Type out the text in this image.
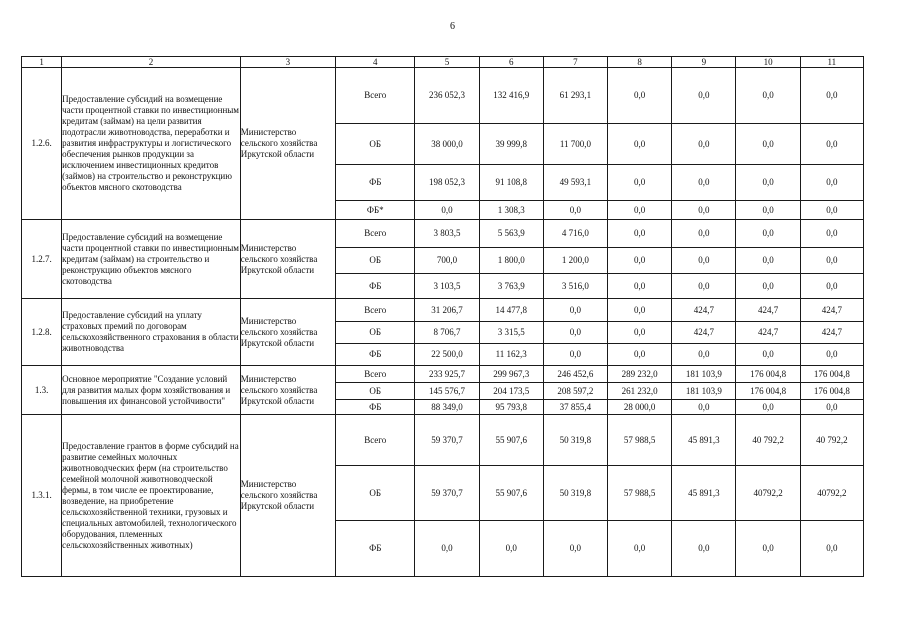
6
1	2	3	4	5	6	7	8	9	10	11
1.2.6.	Предоставление субсидий на возмещение части процентной ставки по инвестиционным кредитам (займам) на цели развития подотрасли животноводства, переработки и развития инфраструктуры и логистического обеспечения рынков продукции за исключением инвестиционных кредитов (займов) на строительство и реконструкцию объектов мясного скотоводства	Министерство сельского хозяйства Иркутской области	Всего	236 052,3	132 416,9	61 293,1	0,0	0,0	0,0	0,0
			ОБ	38 000,0	39 999,8	11 700,0	0,0	0,0	0,0	0,0
			ФБ	198 052,3	91 108,8	49 593,1	0,0	0,0	0,0	0,0
			ФБ*	0,0	1 308,3	0,0	0,0	0,0	0,0	0,0
1.2.7.	Предоставление субсидий на возмещение части процентной ставки по инвестиционным кредитам (займам) на строительство и реконструкцию объектов мясного скотоводства	Министерство сельского хозяйства Иркутской области	Всего	3 803,5	5 563,9	4 716,0	0,0	0,0	0,0	0,0
			ОБ	700,0	1 800,0	1 200,0	0,0	0,0	0,0	0,0
			ФБ	3 103,5	3 763,9	3 516,0	0,0	0,0	0,0	0,0
1.2.8.	Предоставление субсидий на уплату страховых премий по договорам сельскохозяйственного страхования в области животноводства	Министерство сельского хозяйства Иркутской области	Всего	31 206,7	14 477,8	0,0	0,0	424,7	424,7	424,7
			ОБ	8 706,7	3 315,5	0,0	0,0	424,7	424,7	424,7
			ФБ	22 500,0	11 162,3	0,0	0,0	0,0	0,0	0,0
1.3.	Основное мероприятие "Создание условий для развития малых форм хозяйствования и повышения их финансовой устойчивости"	Министерство сельского хозяйства Иркутской области	Всего	233 925,7	299 967,3	246 452,6	289 232,0	181 103,9	176 004,8	176 004,8
			ОБ	145 576,7	204 173,5	208 597,2	261 232,0	181 103,9	176 004,8	176 004,8
			ФБ	88 349,0	95 793,8	37 855,4	28 000,0	0,0	0,0	0,0
1.3.1.	Предоставление грантов в форме субсидий на развитие семейных молочных животноводческих ферм (на строительство семейной молочной животноводческой фермы, в том числе ее проектирование, возведение, на приобретение сельскохозяйственной техники, грузовых и специальных автомобилей, технологического оборудования, племенных сельскохозяйственных животных)	Министерство сельского хозяйства Иркутской области	Всего	59 370,7	55 907,6	50 319,8	57 988,5	45 891,3	40 792,2	40 792,2
			ОБ	59 370,7	55 907,6	50 319,8	57 988,5	45 891,3	40792,2	40792,2
			ФБ	0,0	0,0	0,0	0,0	0,0	0,0	0,0
